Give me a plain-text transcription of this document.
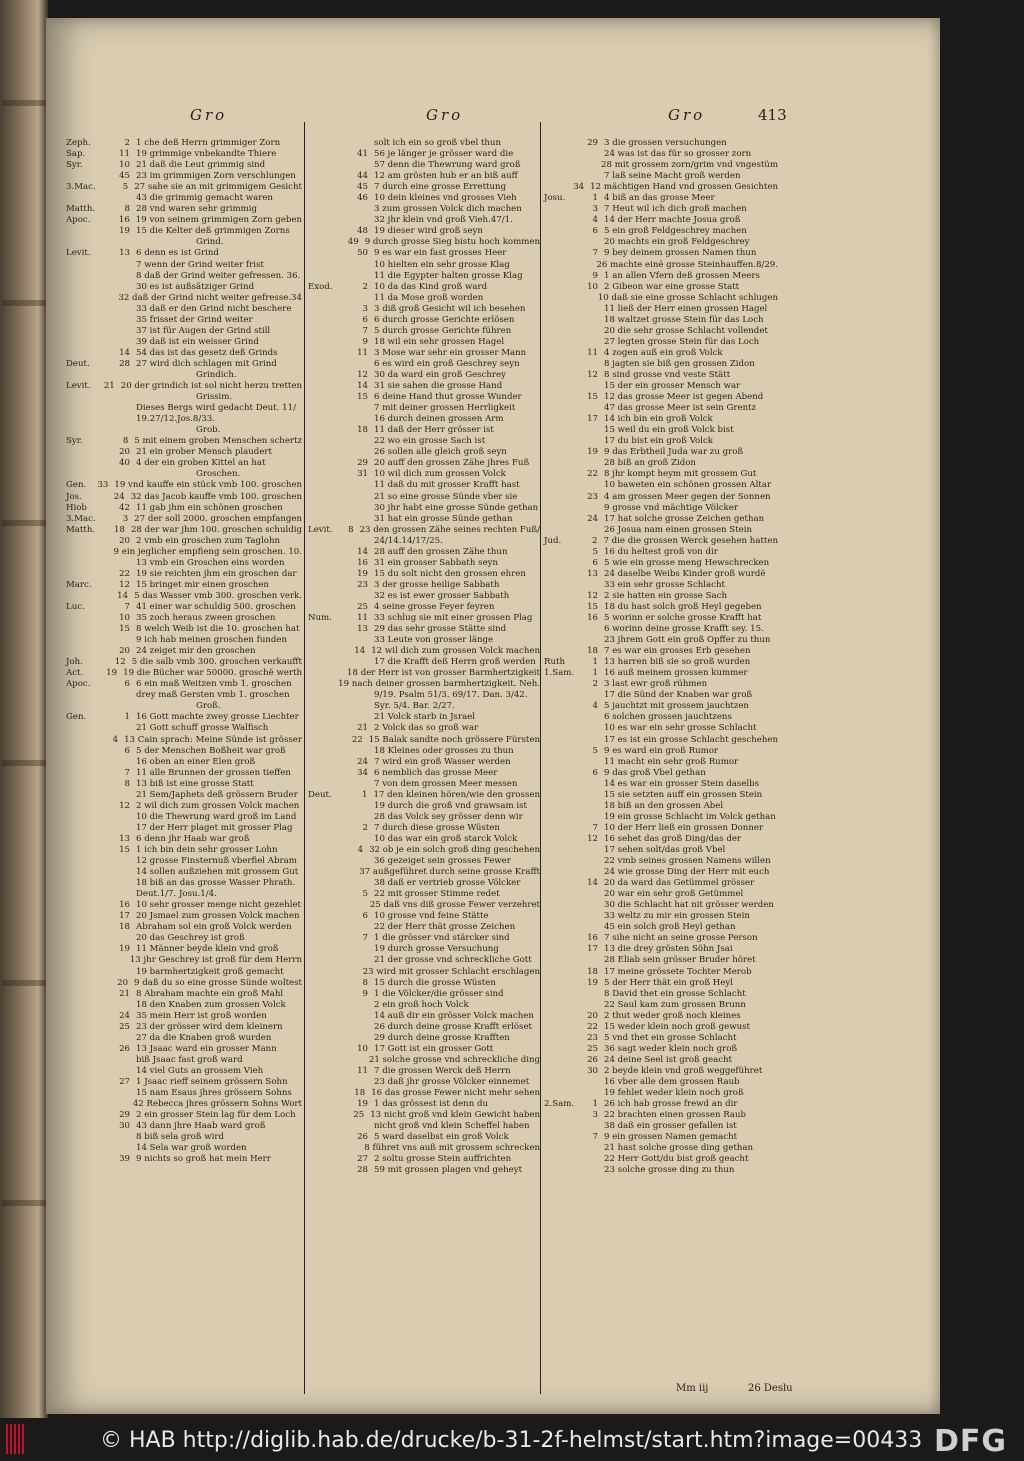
Gro	Gro	Gro	413
Zeph.	2 1 che deß Herrn grimmiger Zorn
Sap.	11 19 grimmige vnbekandte Thiere
Syr.	10 21 daß die Leut grimmig sind
45 23 im grimmigen Zorn verschlungen
3.Mac.	5 27 sahe sie an mit grimmigem Gesicht
43 die grimmig gemacht waren
Matth.	8 28 vnd waren sehr grimmig
Apoc.	16 19 von seinem grimmigen Zorn geben
19 15 die Kelter deß grimmigen Zorns
Grind.
Levit.	13 6 denn es ist Grind
7 wenn der Grind weiter frist
8 daß der Grind weiter gefressen. 36.
30 es ist außsätziger Grind
32 daß der Grind nicht weiter gefresse.34
33 daß er den Grind nicht beschere
35 frisset der Grind weiter
37 ist für Augen der Grind still
39 daß ist ein weisser Grind
14 54 das ist das gesetz deß Grinds
Deut.	28 27 wird dich schlagen mit Grind
Grindich.
Levit.	21 20 der grindich ist sol nicht herzu tretten
Grissim.
Dieses Bergs wird gedacht Deut. 11/
19.27/12.Jos.8/33.
Grob.
Syr.	8 5 mit einem groben Menschen schertz
20 21 ein grober Mensch plaudert
40 4 der ein groben Kittel an hat
Groschen.
Gen.	33 19 vnd kauffe ein stück vmb 100. groschen
Jos.	24 32 das Jacob kauffe vmb 100. groschen
Hiob	42 11 gab jhm ein schönen groschen
3.Mac.	3 27 der soll 2000. groschen empfangen
Matth.	18 28 der war jhm 100. groschen schuldig
20 2 vmb ein groschen zum Taglohn
9 ein jeglicher empfieng sein groschen. 10.
13 vmb ein Groschen eins worden
22 19 sie reichten jhm ein groschen dar
Marc.	12 15 bringet mir einen groschen
14 5 das Wasser vmb 300. groschen verk.
Luc.	7 41 einer war schuldig 500. groschen
10 35 zoch heraus zween groschen
15 8 welch Weib ist die 10. groschen hat
9 ich hab meinen groschen funden
20 24 zeiget mir den groschen
Joh.	12 5 die salb vmb 300. groschen verkaufft
Act.	19 19 die Bücher war 50000. groschë werth
Apoc.	6 6 ein maß Weitzen vmb 1. groschen
drey maß Gersten vmb 1. groschen
Groß.
Gen.	1 16 Gott machte zwey grosse Liechter
21 Gott schuff grosse Walfisch
4 13 Cain sprach: Meine Sünde ist grösser
6 5 der Menschen Boßheit war groß
16 oben an einer Elen groß
7 11 alle Brunnen der grossen tieffen
8 13 biß ist eine grosse Statt
21 Sem/Japhets deß grössern Bruder
12 2 wil dich zum grossen Volck machen
10 die Thewrung ward groß im Land
17 der Herr plaget mit grosser Plag
13 6 denn jhr Haab war groß
15 1 ich bin dein sehr grosser Lohn
12 grosse Finsternuß vberfiel Abram
14 sollen außziehen mit grossem Gut
18 biß an das grosse Wasser Phrath.
Deut.1/7. Josu.1/4.
16 10 sehr grosser menge nicht gezehlet
17 20 Jsmael zum grossen Volck machen
18 Abraham sol ein groß Volck werden
20 das Geschrey ist groß
19 11 Männer beyde klein vnd groß
13 jhr Geschrey ist groß für dem Herrn
19 barmhertzigkeit groß gemacht
20 9 daß du so eine grosse Sünde woltest
21 8 Abraham machte ein groß Mahl
18 den Knaben zum grossen Volck
24 35 mein Herr ist groß worden
25 23 der grösser wird dem kleinern
27 da die Knaben groß wurden
26 13 Jsaac ward ein grosser Mann
biß Jsaac fast groß ward
14 viel Guts an grossem Vieh
27 1 Jsaac rieff seinem grössern Sohn
15 nam Esaus jhres grössern Sohns
42 Rebecca jhres grössern Sohns Wort
29 2 ein grosser Stein lag für dem Loch
30 43 dann jhre Haab ward groß
8 biß sela groß wird
14 Sela war groß worden
39 9 nichts so groß hat mein Herr
solt ich ein so groß vbel thun
41 56 je länger je grösser ward die
57 denn die Thewrung ward groß
44 12 am grösten hub er an biß auff
45 7 durch eine grosse Errettung
46 10 dein kleines vnd grosses Vieh
3 zum grossen Volck dich machen
32 jhr klein vnd groß Vieh.47/1.
48 19 dieser wird groß seyn
49 9 durch grosse Sieg bistu hoch kommen
50 9 es war ein fast grosses Heer
10 hielten ein sehr grosse Klag
11 die Egypter halten grosse Klag
Exod.	2 10 da das Kind groß ward
11 da Mose groß worden
3 3 diß groß Gesicht wil ich besehen
6 6 durch grosse Gerichte erlösen
7 5 durch grosse Gerichte führen
9 18 wil ein sehr grossen Hagel
11 3 Mose war sehr ein grosser Mann
6 es wird ein groß Geschrey seyn
12 30 da ward ein groß Geschrey
14 31 sie sahen die grosse Hand
15 6 deine Hand thut grosse Wunder
7 mit deiner grossen Herrligkeit
16 durch deinen grossen Arm
18 11 daß der Herr grösser ist
22 wo ein grosse Sach ist
26 sollen alle gleich groß seyn
29 20 auff den grossen Zähe jhres Fuß
31 10 wil dich zum grossen Volck
11 daß du mit grosser Krafft hast
21 so eine grosse Sünde vber sie
30 jhr habt eine grosse Sünde gethan
31 hat ein grosse Sünde gethan
Levit.	8 23 den grossen Zähe seines rechten Fuß/
24/14.14/17/25.
14 28 auff den grossen Zähe thun
16 31 ein grosser Sabbath seyn
19 15 du solt nicht den grossen ehren
23 3 der grosse heilige Sabbath
32 es ist ewer grosser Sabbath
25 4 seine grosse Feyer feyren
Num.	11 33 schlug sie mit einer grossen Plag
13 29 das sehr grosse Stätte sind
33 Leute von grosser länge
14 12 wil dich zum grossen Volck machen
17 die Krafft deß Herrn groß werden
18 der Herr ist von grosser Barmhertzigkeit
19 nach deiner grossen barmhertzigkeit. Neh.
9/19. Psalm 51/3. 69/17. Dan. 3/42.
Syr. 5/4. Bar. 2/27.
21 Volck starb in Jsrael
21 2 Volck das so groß war
22 15 Balak sandte noch grössere Fürsten
18 Kleines oder grosses zu thun
24 7 wird ein groß Wasser werden
34 6 nemblich das grosse Meer
7 von dem grossen Meer messen
Deut.	1 17 den kleinen hören/wie den grossen
19 durch die groß vnd grawsam ist
28 das Volck sey grösser denn wir
2 7 durch diese grosse Wüsten
10 das war ein groß starck Volck
4 32 ob je ein solch groß ding geschehen
36 gezeiget sein grosses Fewer
37 außgeführet durch seine grosse Krafft
38 daß er vertrieb grosse Völcker
5 22 mit grosser Stimme redet
25 daß vns diß grosse Fewer verzehret
6 10 grosse vnd feine Stätte
22 der Herr thät grosse Zeichen
7 1 die grösser vnd stärcker sind
19 durch grosse Versuchung
21 der grosse vnd schreckliche Gott
23 wird mit grosser Schlacht erschlagen
8 15 durch die grosse Wüsten
9 1 die Völcker/die grösser sind
2 ein groß hoch Volck
14 auß dir ein grösser Volck machen
26 durch deine grosse Krafft erlöset
29 durch deine grosse Krafften
10 17 Gott ist ein grosser Gott
21 solche grosse vnd schreckliche ding
11 7 die grossen Werck deß Herrn
23 daß jhr grosse Völcker einnemet
18 16 das grosse Fewer nicht mehr sehen
19 1 das grössest ist denn du
25 13 nicht groß vnd klein Gewicht haben
nicht groß vnd klein Scheffel haben
26 5 ward daselbst ein groß Volck
8 führet vns auß mit grossem schrecken
27 2 soltu grosse Stein auffrichten
28 59 mit grossen plagen vnd geheyt
29 3 die grossen versuchungen
24 was ist das für so grosser zorn
28 mit grossem zorn/grim vnd vngestüm
7 laß seine Macht groß werden
34 12 mächtigen Hand vnd grossen Gesichten
Josu.	1 4 biß an das grosse Meer
3 7 Heut wil ich dich groß machen
4 14 der Herr machte Josua groß
6 5 ein groß Feldgeschrey machen
20 machts ein groß Feldgeschrey
7 9 bey deinem grossen Namen thun
26 machte einë grosse Steinhauffen.8/29.
9 1 an allen Vfern deß grossen Meers
10 2 Gibeon war eine grosse Statt
10 daß sie eine grosse Schlacht schlugen
11 ließ der Herr einen grossen Hagel
18 waltzet grosse Stein für das Loch
20 die sehr grosse Schlacht vollendet
27 legten grosse Stein für das Loch
11 4 zogen auß ein groß Volck
8 jagten sie biß gen grossen Zidon
12 8 sind grosse vnd veste Stätt
15 der ein grosser Mensch war
15 12 das grosse Meer ist gegen Abend
47 das grosse Meer ist sein Grentz
17 14 ich bin ein groß Volck
15 weil du ein groß Volck bist
17 du bist ein groß Volck
19 9 das Erbtheil Juda war zu groß
28 biß an groß Zidon
22 8 jhr kompt heym mit grossem Gut
10 baweten ein schönen grossen Altar
23 4 am grossen Meer gegen der Sonnen
9 grosse vnd mächtige Völcker
24 17 hat solche grosse Zeichen gethan
26 Josua nam einen grossen Stein
Jud.	2 7 die die grossen Werck gesehen hatten
5 16 du heltest groß von dir
6 5 wie ein grosse meng Hewschrecken
13 24 daselbe Weibs Kinder groß wurdë
33 ein sehr grosse Schlacht
12 2 sie hatten ein grosse Sach
15 18 du hast solch groß Heyl gegeben
16 5 worinn er solche grosse Krafft hat
6 worinn deine grosse Krafft sey. 15.
23 jhrem Gott ein groß Opffer zu thun
18 7 es war ein grosses Erb gesehen
Ruth	1 13 harren biß sie so groß wurden
1.Sam.	1 16 auß meinem grossen kummer
2 3 last ewr groß rühmen
17 die Sünd der Knaben war groß
4 5 jauchtzt mit grossem jauchtzen
6 solchen grossen jauchtzens
10 es war ein sehr grosse Schlacht
17 es ist ein grosse Schlacht geschehen
5 9 es ward ein groß Rumor
11 macht ein sehr groß Rumor
6 9 das groß Vbel gethan
14 es war ein grosser Stein daselbs
15 sie setzten auff ein grossen Stein
18 biß an den grossen Abel
19 ein grosse Schlacht im Volck gethan
7 10 der Herr ließ ein grossen Donner
12 16 sehet das groß Ding/das der
17 sehen solt/das groß Vbel
22 vmb seines grossen Namens willen
24 wie grosse Ding der Herr mit euch
14 20 da ward das Getümmel grösser
20 war ein sehr groß Getümmel
30 die Schlacht hat nit grösser werden
33 weltz zu mir ein grossen Stein
45 ein solch groß Heyl gethan
16 7 sihe nicht an seine grosse Person
17 13 die drey grösten Söhn Jsai
28 Eliab sein grösser Bruder höret
18 17 meine grössete Tochter Merob
19 5 der Herr thät ein groß Heyl
8 David thet ein grosse Schlacht
22 Saul kam zum grossen Brunn
20 2 thut weder groß noch kleines
22 15 weder klein noch groß gewust
23 5 vnd thet ein grosse Schlacht
25 36 sagt weder klein noch groß
26 24 deine Seel ist groß geacht
30 2 beyde klein vnd groß weggeführet
16 vber alle dem grossen Raub
19 fehlet weder klein noch groß
2.Sam.	1 26 ich hab grosse frewd an dir
3 22 brachten einen grossen Raub
38 daß ein grosser gefallen ist
7 9 ein grossen Namen gemacht
21 hast solche grosse ding gethan
22 Herr Gott/du bist groß geacht
23 solche grosse ding zu thun
Mm iij	26 Deslu
© HAB http://diglib.hab.de/drucke/b-31-2f-helmst/start.htm?image=00433 DFG
